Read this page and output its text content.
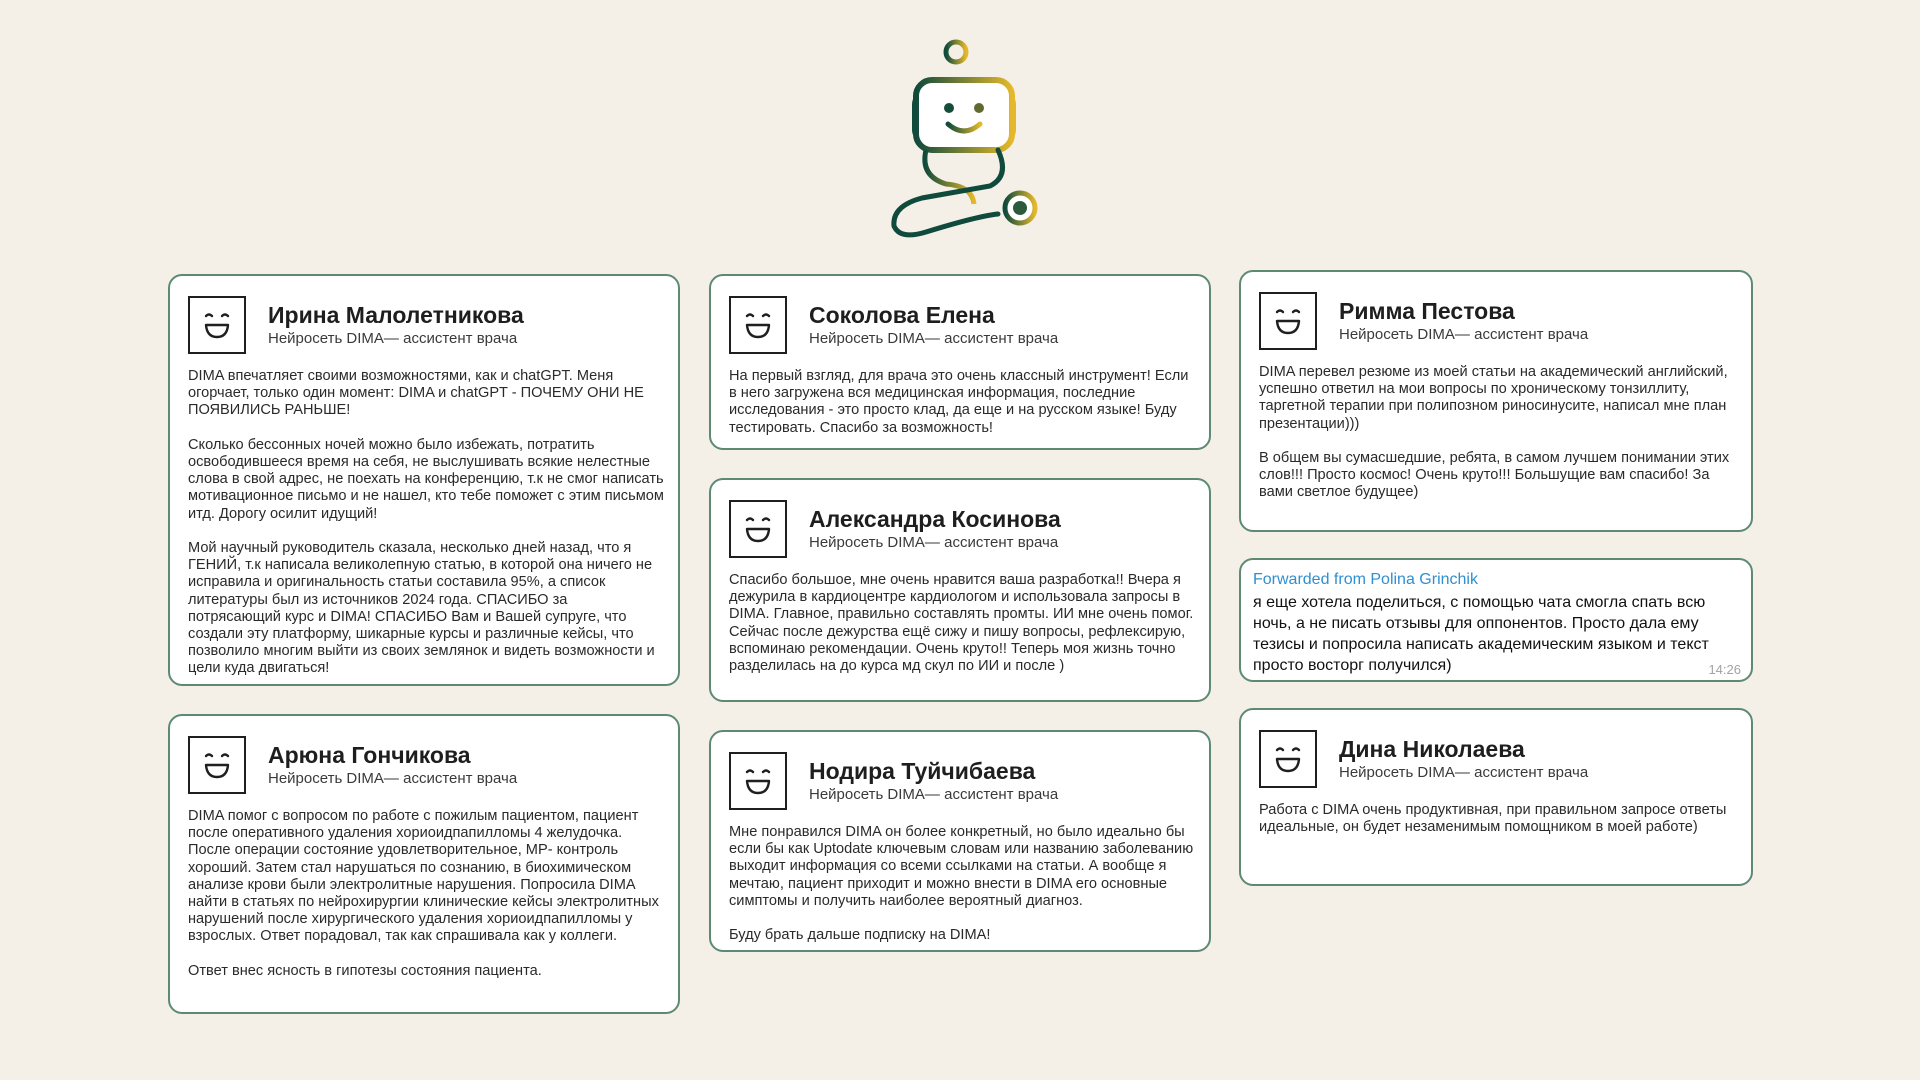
Ирина Малолетникова
Нейросеть DIMA— ассистент врача
DIMA впечатляет своими возможностями, как и chatGPT. Меня огорчает, только один момент: DIMA и chatGPT - ПОЧЕМУ ОНИ НЕ ПОЯВИЛИСЬ РАНЬШЕ!

Сколько бессонных ночей можно было избежать, потратить освободившееся время на себя, не выслушивать всякие нелестные слова в свой адрес, не поехать на конференцию, т.к не смог написать мотивационное письмо и не нашел, кто тебе поможет с этим письмом итд. Дорогу осилит идущий!

Мой научный руководитель сказала, несколько дней назад, что я ГЕНИЙ, т.к написала великолепную статью, в которой она ничего не исправила и оригинальность статьи составила 95%, а список литературы был из источников 2024 года. СПАСИБО за потрясающий курс и DIMA! СПАСИБО Вам и Вашей супруге, что создали эту платформу, шикарные курсы и различные кейсы, что позволило многим выйти из своих землянок и видеть возможности и цели куда двигаться!
Арюна Гончикова
Нейросеть DIMA— ассистент врача
DIMA помог с вопросом по работе с пожилым пациентом, пациент после оперативного удаления хориоидпапилломы 4 желудочка. После операции состояние удовлетворительное, МР- контроль хороший. Затем стал нарушаться по сознанию, в биохимическом анализе крови были электролитные нарушения. Попросила DIMA найти в статьях по нейрохирургии клинические кейсы электролитных нарушений после хирургического удаления хориоидпапилломы у взрослых. Ответ порадовал, так как спрашивала как у коллеги.

Ответ внес ясность в гипотезы состояния пациента.
Соколова Елена
Нейросеть DIMA— ассистент врача
На первый взгляд, для врача это очень классный инструмент! Если в него загружена вся медицинская информация, последние исследования - это просто клад, да еще и на русском языке! Буду тестировать. Спасибо за возможность!
Александра Косинова
Нейросеть DIMA— ассистент врача
Спасибо большое, мне очень нравится ваша разработка!! Вчера я дежурила в кардиоцентре кардиологом и использовала запросы в DIMA. Главное, правильно составлять промты. ИИ мне очень помог. Сейчас после дежурства ещё сижу и пишу вопросы, рефлексирую, вспоминаю рекомендации. Очень круто!! Теперь моя жизнь точно разделилась на до курса мд скул по ИИ и после )
Нодира Туйчибаева
Нейросеть DIMA— ассистент врача
Мне понравился DIMA он более конкретный, но было идеально бы если бы как Uptodate ключевым словам или названию заболеванию выходит информация со всеми ссылками на статьи. А вообще я мечтаю, пациент приходит и можно внести в DIMA его основные симптомы и получить наиболее вероятный диагноз.

Буду брать дальше подписку на DIMA!
Римма Пестова
Нейросеть DIMA— ассистент врача
DIMA перевел резюме из моей статьи на академический английский, успешно ответил на мои вопросы по хроническому тонзиллиту, таргетной терапии при полипозном риносинусите, написал мне план презентации)))

В общем вы сумасшедшие, ребята, в самом лучшем понимании этих слов!!! Просто космос! Очень круто!!! Большущие вам спасибо! За вами светлое будущее)
Forwarded from Polina Grinchik
я еще хотела поделиться, с помощью чата смогла спать всю ночь, а не писать отзывы для оппонентов. Просто дала ему тезисы и попросила написать академическим языком и текст просто восторг получился)	14:26
Дина Николаева
Нейросеть DIMA— ассистент врача
Работа с DIMA очень продуктивная, при правильном запросе ответы идеальные, он будет незаменимым помощником в моей работе)
